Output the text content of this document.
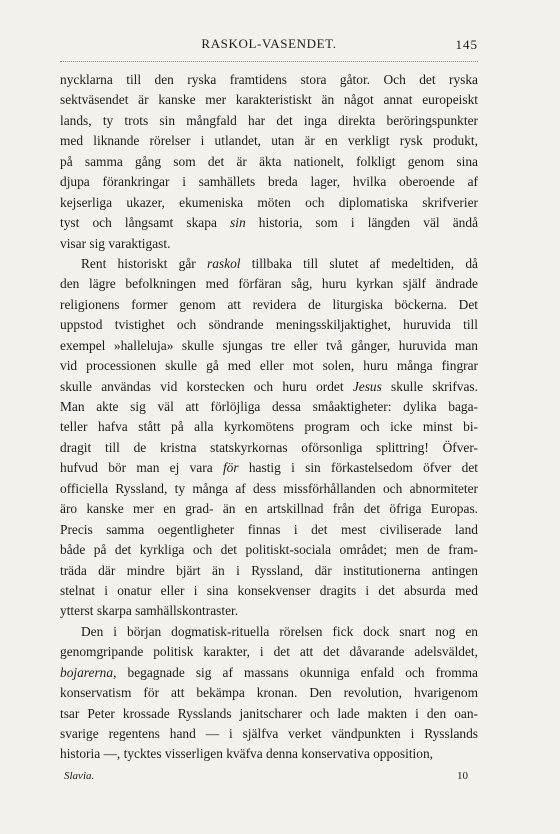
RASKOL-VASENDET.	145
nycklarna till den ryska framtidens stora gåtor. Och det ryska
sektväsendet är kanske mer karakteristiskt än något annat europeiskt
lands, ty trots sin mångfald har det inga direkta beröringspunkter
med liknande rörelser i utlandet, utan är en verkligt rysk produkt,
på samma gång som det är äkta nationelt, folkligt genom sina
djupa förankringar i samhällets breda lager, hvilka oberoende af
kejserliga ukazer, ekumeniska möten och diplomatiska skrifverier
tyst och långsamt skapa sin historia, som i längden väl ändå
visar sig varaktigast.
Rent historiskt går raskol tillbaka till slutet af medeltiden, då
den lägre befolkningen med förfäran såg, huru kyrkan själf ändrade
religionens former genom att revidera de liturgiska böckerna. Det
uppstod tvistighet och söndrande meningsskiljaktighet, huruvida till
exempel »halleluja» skulle sjungas tre eller två gånger, huruvida man
vid processionen skulle gå med eller mot solen, huru många fingrar
skulle användas vid korstecken och huru ordet Jesus skulle skrifvas.
Man akte sig väl att förlöjliga dessa småaktigheter: dylika baga-
teller hafva stått på alla kyrkomötens program och icke minst bi-
dragit till de kristna statskyrkornas oförsonliga splittring! Öfver-
hufvud bör man ej vara för hastig i sin förkastelsedom öfver det
officiella Ryssland, ty många af dess missförhållanden och abnormiteter
äro kanske mer en grad- än en artskillnad från det öfriga Europas.
Precis samma oegentligheter finnas i det mest civiliserade land
både på det kyrkliga och det politiskt-sociala området; men de fram-
träda där mindre bjärt än i Ryssland, där institutionerna antingen
stelnat i onatur eller i sina konsekvenser dragits i det absurda med
ytterst skarpa samhällskontraster.
Den i början dogmatisk-rituella rörelsen fick dock snart nog en
genomgripande politisk karakter, i det att det dåvarande adelsväldet,
bojarerna, begagnade sig af massans okunniga enfald och fromma
konservatism för att bekämpa kronan. Den revolution, hvarigenom
tsar Peter krossade Rysslands janitscharer och lade makten i den oan-
svarige regentens hand — i själfva verket vändpunkten i Rysslands
historia —, tycktes visserligen kväfva denna konservativa opposition,
Slavia.	10
